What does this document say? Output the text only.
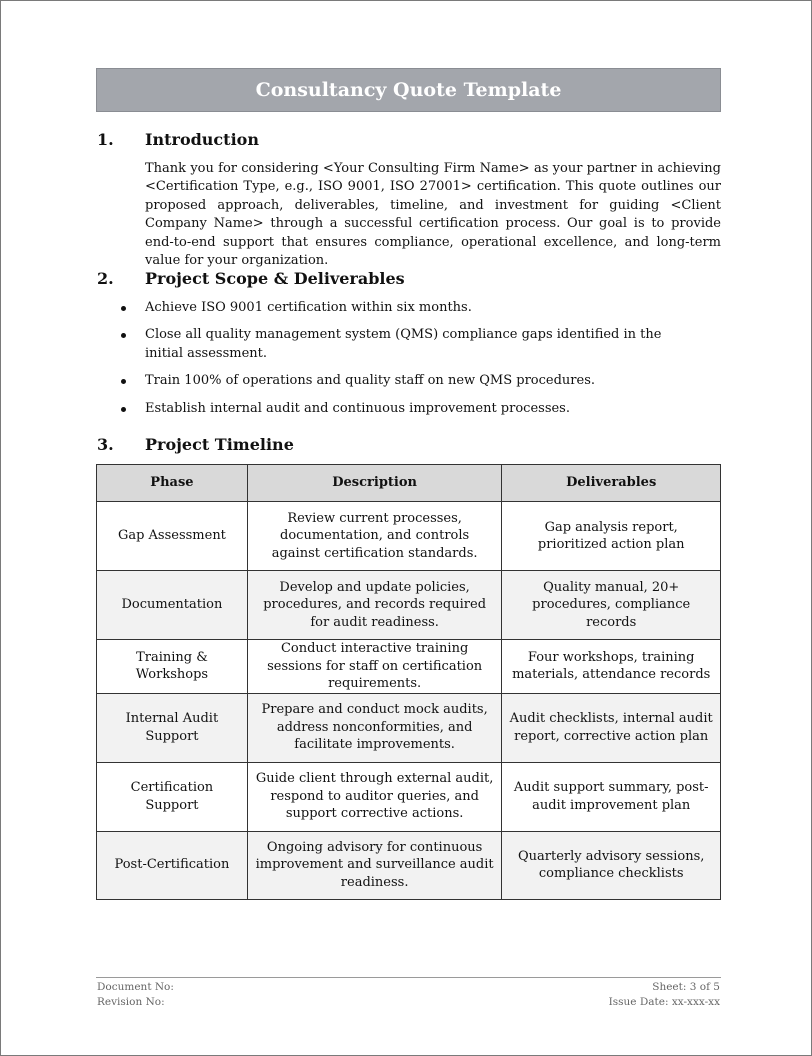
Consultancy Quote Template
1.	Introduction
Thank you for considering <Your Consulting Firm Name> as your partner in achieving <Certification Type, e.g., ISO 9001, ISO 27001> certification. This quote outlines our proposed approach, deliverables, timeline, and investment for guiding <Client Company Name> through a successful certification process. Our goal is to provide end-to-end support that ensures compliance, operational excellence, and long-term value for your organization.
2.	Project Scope & Deliverables
Achieve ISO 9001 certification within six months.
Close all quality management system (QMS) compliance gaps identified in the initial assessment.
Train 100% of operations and quality staff on new QMS procedures.
Establish internal audit and continuous improvement processes.
3.	Project Timeline
Phase	Description	Deliverables
Gap Assessment	Review current processes, documentation, and controls against certification standards.	Gap analysis report, prioritized action plan
Documentation	Develop and update policies, procedures, and records required for audit readiness.	Quality manual, 20+ procedures, compliance records
Training & Workshops	Conduct interactive training sessions for staff on certification requirements.	Four workshops, training materials, attendance records
Internal Audit Support	Prepare and conduct mock audits, address nonconformities, and facilitate improvements.	Audit checklists, internal audit report, corrective action plan
Certification Support	Guide client through external audit, respond to auditor queries, and support corrective actions.	Audit support summary, post-audit improvement plan
Post-Certification	Ongoing advisory for continuous improvement and surveillance audit readiness.	Quarterly advisory sessions, compliance checklists
Document No:
Revision No:
Sheet: 3 of 5
Issue Date: xx-xxx-xx
